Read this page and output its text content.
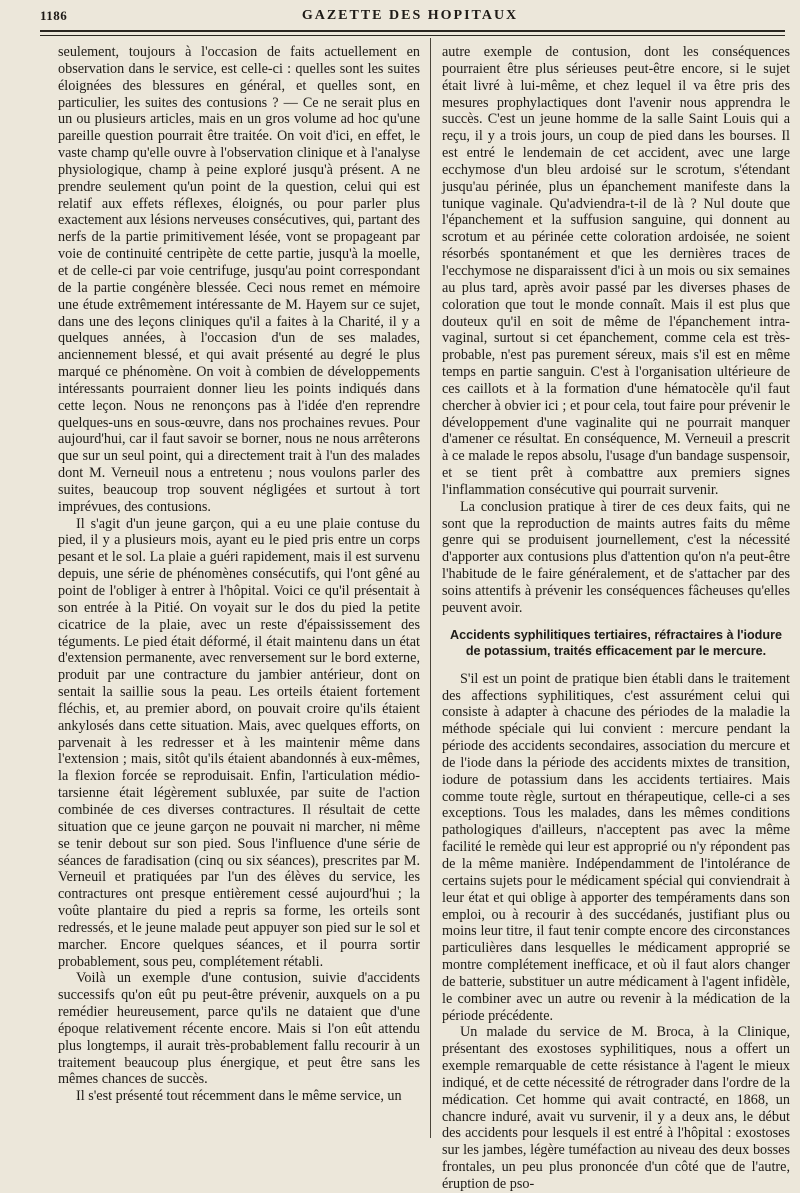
1186	GAZETTE DES HOPITAUX

seulement, toujours à l'occasion de faits actuellement en observation dans le service, est celle-ci : quelles sont les suites éloignées des blessures en général, et quelles sont, en particulier, les suites des contusions ? — Ce ne serait plus en un ou plusieurs articles, mais en un gros volume ad hoc qu'une pareille question pourrait être traitée. On voit d'ici, en effet, le vaste champ qu'elle ouvre à l'observation clinique et à l'analyse physiologique, champ à peine exploré jusqu'à présent. A ne prendre seulement qu'un point de la question, celui qui est relatif aux effets réflexes, éloignés, ou pour parler plus exactement aux lésions nerveuses consécutives, qui, partant des nerfs de la partie primitivement lésée, vont se propageant par voie de continuité centripète de cette partie, jusqu'à la moelle, et de celle-ci par voie centrifuge, jusqu'au point correspondant de la partie congénère blessée. Ceci nous remet en mémoire une étude extrêmement intéressante de M. Hayem sur ce sujet, dans une des leçons cliniques qu'il a faites à la Charité, il y a quelques années, à l'occasion d'un de ses malades, anciennement blessé, et qui avait présenté au degré le plus marqué ce phénomène. On voit à combien de développements intéressants pourraient donner lieu les points indiqués dans cette leçon. Nous ne renonçons pas à l'idée d'en reprendre quelques-uns en sous-œuvre, dans nos prochaines revues. Pour aujourd'hui, car il faut savoir se borner, nous ne nous arrêterons que sur un seul point, qui a directement trait à l'un des malades dont M. Verneuil nous a entretenu ; nous voulons parler des suites, beaucoup trop souvent négligées et surtout à tort imprévues, des contusions.

Il s'agit d'un jeune garçon, qui a eu une plaie contuse du pied, il y a plusieurs mois, ayant eu le pied pris entre un corps pesant et le sol. La plaie a guéri rapidement, mais il est survenu depuis, une série de phénomènes consécutifs, qui l'ont gêné au point de l'obliger à entrer à l'hôpital. Voici ce qu'il présentait à son entrée à la Pitié. On voyait sur le dos du pied la petite cicatrice de la plaie, avec un reste d'épaississement des téguments. Le pied était déformé, il était maintenu dans un état d'extension permanente, avec renversement sur le bord externe, produit par une contracture du jambier antérieur, dont on sentait la saillie sous la peau. Les orteils étaient fortement fléchis, et, au premier abord, on pouvait croire qu'ils étaient ankylosés dans cette situation. Mais, avec quelques efforts, on parvenait à les redresser et à les maintenir même dans l'extension ; mais, sitôt qu'ils étaient abandonnés à eux-mêmes, la flexion forcée se reproduisait. Enfin, l'articulation médio-tarsienne était légèrement subluxée, par suite de l'action combinée de ces diverses contractures. Il résultait de cette situation que ce jeune garçon ne pouvait ni marcher, ni même se tenir debout sur son pied. Sous l'influence d'une série de séances de faradisation (cinq ou six séances), prescrites par M. Verneuil et pratiquées par l'un des élèves du service, les contractures ont presque entièrement cessé aujourd'hui ; la voûte plantaire du pied a repris sa forme, les orteils sont redressés, et le jeune malade peut appuyer son pied sur le sol et marcher. Encore quelques séances, et il pourra sortir probablement, sous peu, complétement rétabli.

Voilà un exemple d'une contusion, suivie d'accidents successifs qu'on eût pu peut-être prévenir, auxquels on a pu remédier heureusement, parce qu'ils ne dataient que d'une époque relativement récente encore. Mais si l'on eût attendu plus longtemps, il aurait très-probablement fallu recourir à un traitement beaucoup plus énergique, et peut être sans les mêmes chances de succès.

Il s'est présenté tout récemment dans le même service, un

autre exemple de contusion, dont les conséquences pourraient être plus sérieuses peut-être encore, si le sujet était livré à lui-même, et chez lequel il va être pris des mesures prophylactiques dont l'avenir nous apprendra le succès. C'est un jeune homme de la salle Saint Louis qui a reçu, il y a trois jours, un coup de pied dans les bourses. Il est entré le lendemain de cet accident, avec une large ecchymose d'un bleu ardoisé sur le scrotum, s'étendant jusqu'au périnée, plus un épanchement manifeste dans la tunique vaginale. Qu'adviendra-t-il de là ? Nul doute que l'épanchement et la suffusion sanguine, qui donnent au scrotum et au périnée cette coloration ardoisée, ne soient résorbés spontanément et que les dernières traces de l'ecchymose ne disparaissent d'ici à un mois ou six semaines au plus tard, après avoir passé par les diverses phases de coloration que tout le monde connaît. Mais il est plus que douteux qu'il en soit de même de l'épanchement intra-vaginal, surtout si cet épanchement, comme cela est très-probable, n'est pas purement séreux, mais s'il est en même temps en partie sanguin. C'est à l'organisation ultérieure de ces caillots et à la formation d'une hématocèle qu'il faut chercher à obvier ici ; et pour cela, tout faire pour prévenir le développement d'une vaginalite qui ne pourrait manquer d'amener ce résultat. En conséquence, M. Verneuil a prescrit à ce malade le repos absolu, l'usage d'un bandage suspensoir, et se tient prêt à combattre aux premiers signes l'inflammation consécutive qui pourrait survenir.

La conclusion pratique à tirer de ces deux faits, qui ne sont que la reproduction de maints autres faits du même genre qui se produisent journellement, c'est la nécessité d'apporter aux contusions plus d'attention qu'on n'a peut-être l'habitude de le faire généralement, et de s'attacher par des soins attentifs à prévenir les conséquences fâcheuses qu'elles peuvent avoir.

Accidents syphilitiques tertiaires, réfractaires à l'iodure de potassium, traités efficacement par le mercure.

S'il est un point de pratique bien établi dans le traitement des affections syphilitiques, c'est assurément celui qui consiste à adapter à chacune des périodes de la maladie la méthode spéciale qui lui convient : mercure pendant la période des accidents secondaires, association du mercure et de l'iode dans la période des accidents mixtes de transition, iodure de potassium dans les accidents tertiaires. Mais comme toute règle, surtout en thérapeutique, celle-ci a ses exceptions. Tous les malades, dans les mêmes conditions pathologiques d'ailleurs, n'acceptent pas avec la même facilité le remède qui leur est approprié ou n'y répondent pas de la même manière. Indépendamment de l'intolérance de certains sujets pour le médicament spécial qui conviendrait à leur état et qui oblige à apporter des tempéraments dans son emploi, ou à recourir à des succédanés, justifiant plus ou moins leur titre, il faut tenir compte encore des circonstances particulières dans lesquelles le médicament approprié se montre complétement inefficace, et où il faut alors changer de batterie, substituer un autre médicament à l'agent infidèle, le combiner avec un autre ou revenir à la médication de la période précédente.

Un malade du service de M. Broca, à la Clinique, présentant des exostoses syphilitiques, nous a offert un exemple remarquable de cette résistance à l'agent le mieux indiqué, et de cette nécessité de rétrograder dans l'ordre de la médication. Cet homme qui avait contracté, en 1868, un chancre induré, avait vu survenir, il y a deux ans, le début des accidents pour lesquels il est entré à l'hôpital : exostoses sur les jambes, légère tuméfaction au niveau des deux bosses frontales, un peu plus prononcée d'un côté que de l'autre, éruption de pso-
